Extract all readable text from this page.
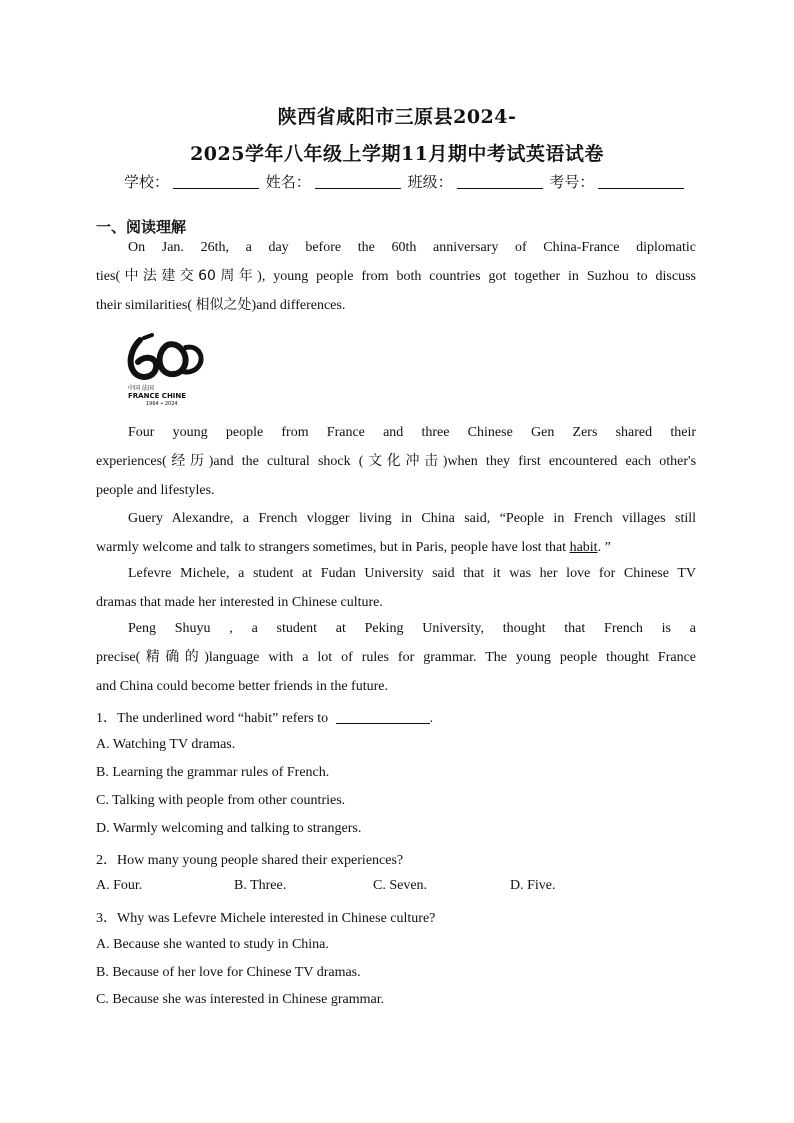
陕西省咸阳市三原县2024-
2025学年八年级上学期11月期中考试英语试卷
学校：	姓名：	班级：	考号：
一、阅读理解
On Jan. 26th, a day before the 60th anniversary of China-France diplomatic
ties(中法建交60周年), young people from both countries got together in Suzhou to discuss
their similarities( 相似之处)and differences.
中国 法国
FRANCE CHINE
1964 • 2024
Four young people from France and three Chinese Gen Zers shared their
experiences(经历)and the cultural shock (文化冲击)when they first encountered each other's
people and lifestyles.
Guery Alexandre, a French vlogger living in China said, “People in French villages still
warmly welcome and talk to strangers sometimes, but in Paris, people have lost that habit. ”
Lefevre Michele, a student at Fudan University said that it was her love for Chinese TV
dramas that made her interested in Chinese culture.
Peng Shuyu , a student at Peking University, thought that French is a
precise(精确的)language with a lot of rules for grammar. The young people thought France
and China could become better friends in the future.
1．The underlined word “habit” refers to	.
A. Watching TV dramas.
B. Learning the grammar rules of French.
C. Talking with people from other countries.
D. Warmly welcoming and talking to strangers.
2．How many young people shared their experiences?
A. Four.	B. Three.	C. Seven.	D. Five.
3．Why was Lefevre Michele interested in Chinese culture?
A. Because she wanted to study in China.
B. Because of her love for Chinese TV dramas.
C. Because she was interested in Chinese grammar.
